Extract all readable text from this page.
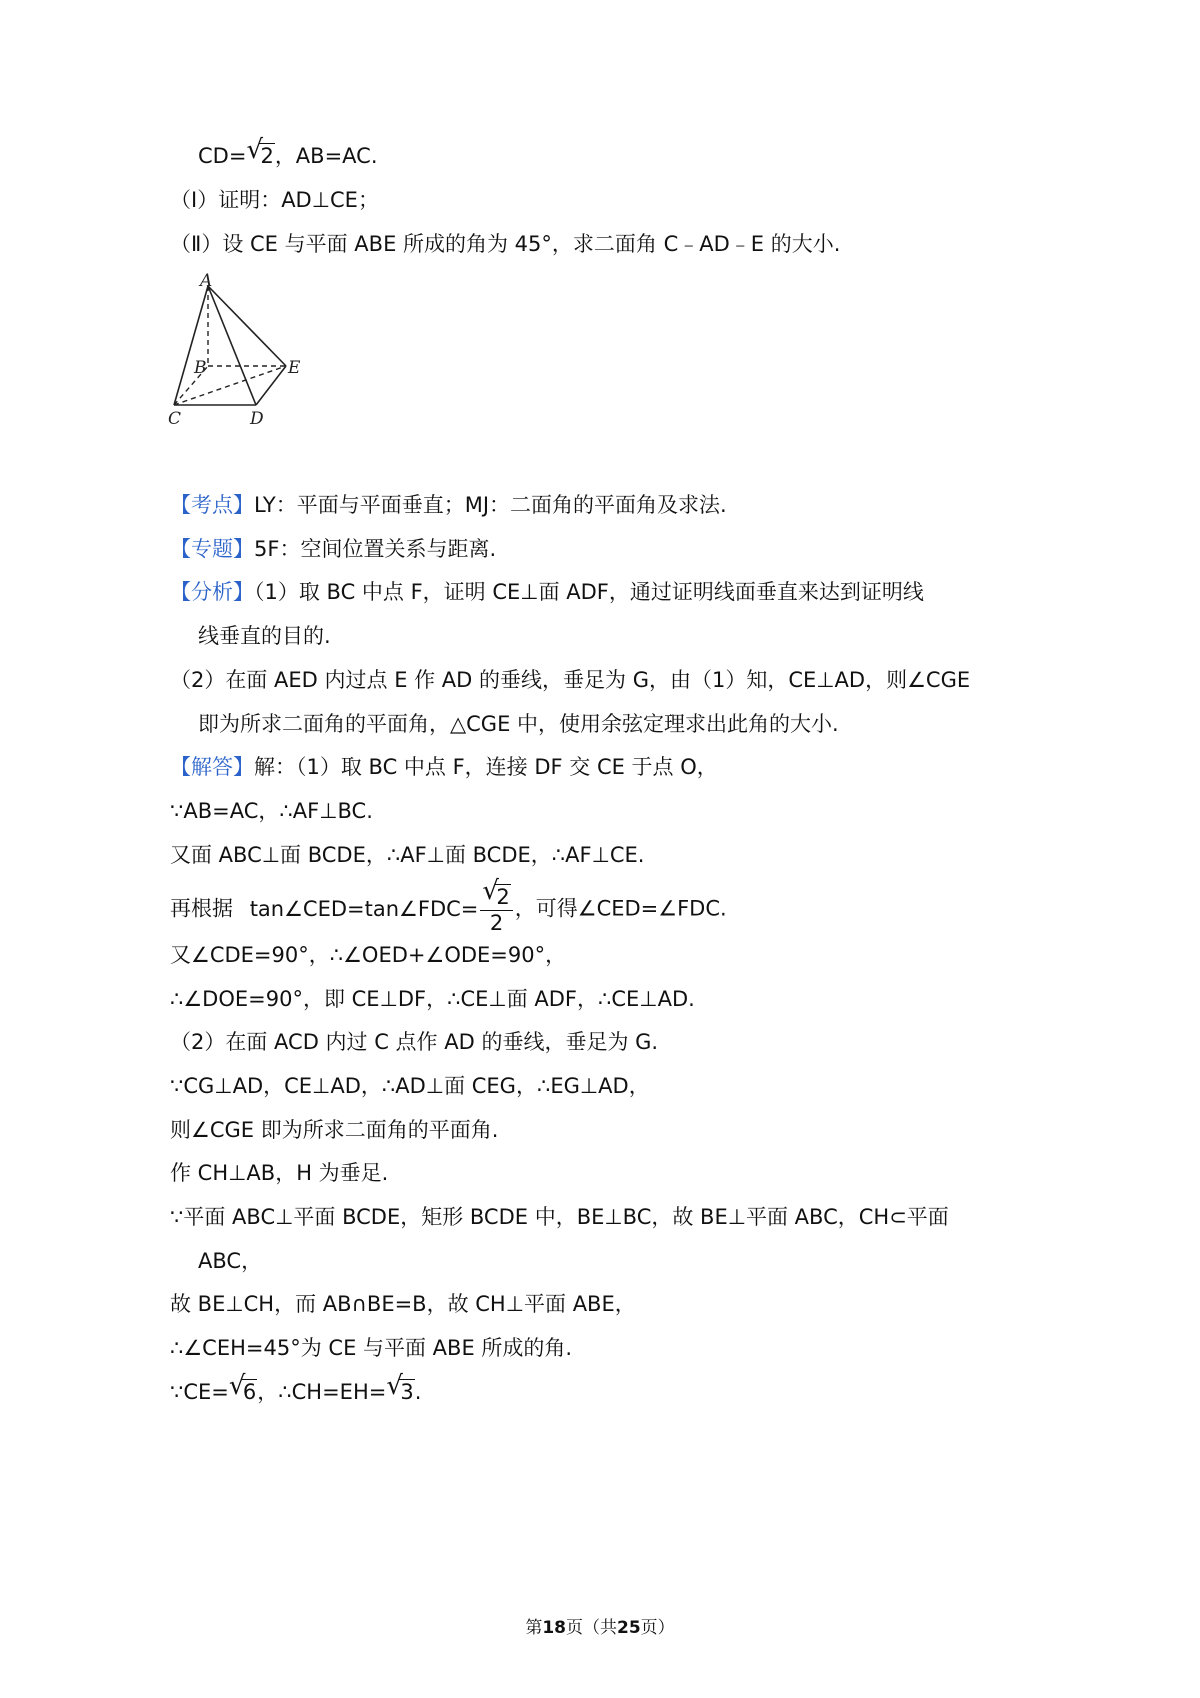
CD= √
2，AB=AC.
（Ⅰ）证明：AD⊥CE；
（Ⅱ）设 CE 与平面 ABE 所成的角为 45°，求二面角 C﹣AD﹣E 的大小.
A
B	E
C	D
【考点】LY：平面与平面垂直；MJ：二面角的平面角及求法.
【专题】5F：空间位置关系与距离.
【分析】（1）取 BC 中点 F，证明 CE⊥面 ADF，通过证明线面垂直来达到证明线
线垂直的目的.
（2）在面 AED 内过点 E 作 AD 的垂线，垂足为 G，由（1）知，CE⊥AD，则∠CGE
即为所求二面角的平面角，△CGE 中，使用余弦定理求出此角的大小.
【解答】解：（1）取 BC 中点 F，连接 DF 交 CE 于点 O，
∵AB=AC，∴AF⊥BC.
又面 ABC⊥面 BCDE，∴AF⊥面 BCDE，∴AF⊥CE.
再根据 tan∠CED=tan∠FDC= √
2
2 ，可得∠CED=∠FDC.
又∠CDE=90°，∴∠OED+∠ODE=90°，
∴∠DOE=90°，即 CE⊥DF，∴CE⊥面 ADF，∴CE⊥AD.
（2）在面 ACD 内过 C 点作 AD 的垂线，垂足为 G.
∵CG⊥AD，CE⊥AD，∴AD⊥面 CEG，∴EG⊥AD，
则∠CGE 即为所求二面角的平面角.
作 CH⊥AB，H 为垂足.
∵平面 ABC⊥平面 BCDE，矩形 BCDE 中，BE⊥BC，故 BE⊥平面 ABC，CH⊂平面
ABC，
故 BE⊥CH，而 AB∩BE=B，故 CH⊥平面 ABE，
∴∠CEH=45°为 CE 与平面 ABE 所成的角.
∵CE= √
6，∴CH=EH= √
3.
第18页（共25页）
